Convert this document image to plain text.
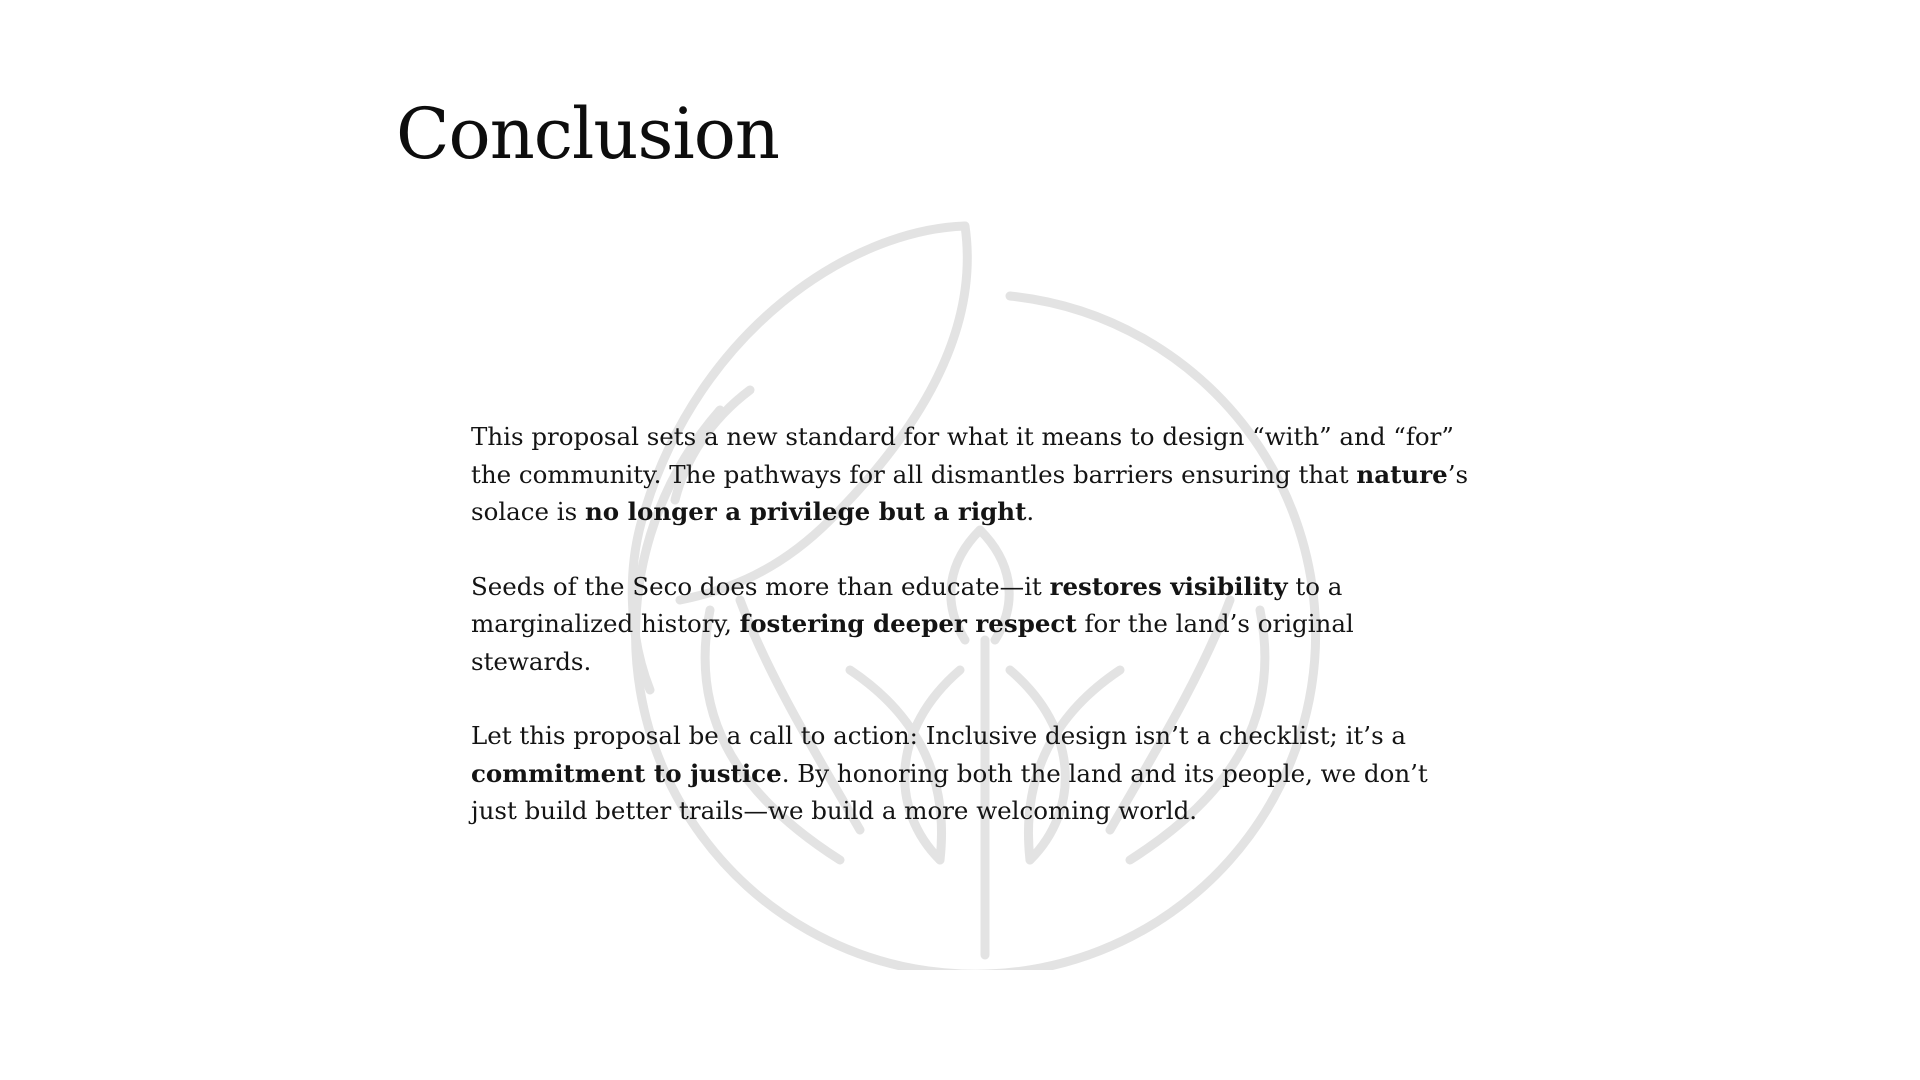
Conclusion

This proposal sets a new standard for what it means to design “with” and “for” the community. The pathways for all dismantles barriers ensuring that nature’s solace is no longer a privilege but a right.

Seeds of the Seco does more than educate—it restores visibility to a marginalized history, fostering deeper respect for the land’s original stewards.

Let this proposal be a call to action: Inclusive design isn’t a checklist; it’s a commitment to justice. By honoring both the land and its people, we don’t just build better trails—we build a more welcoming world.
